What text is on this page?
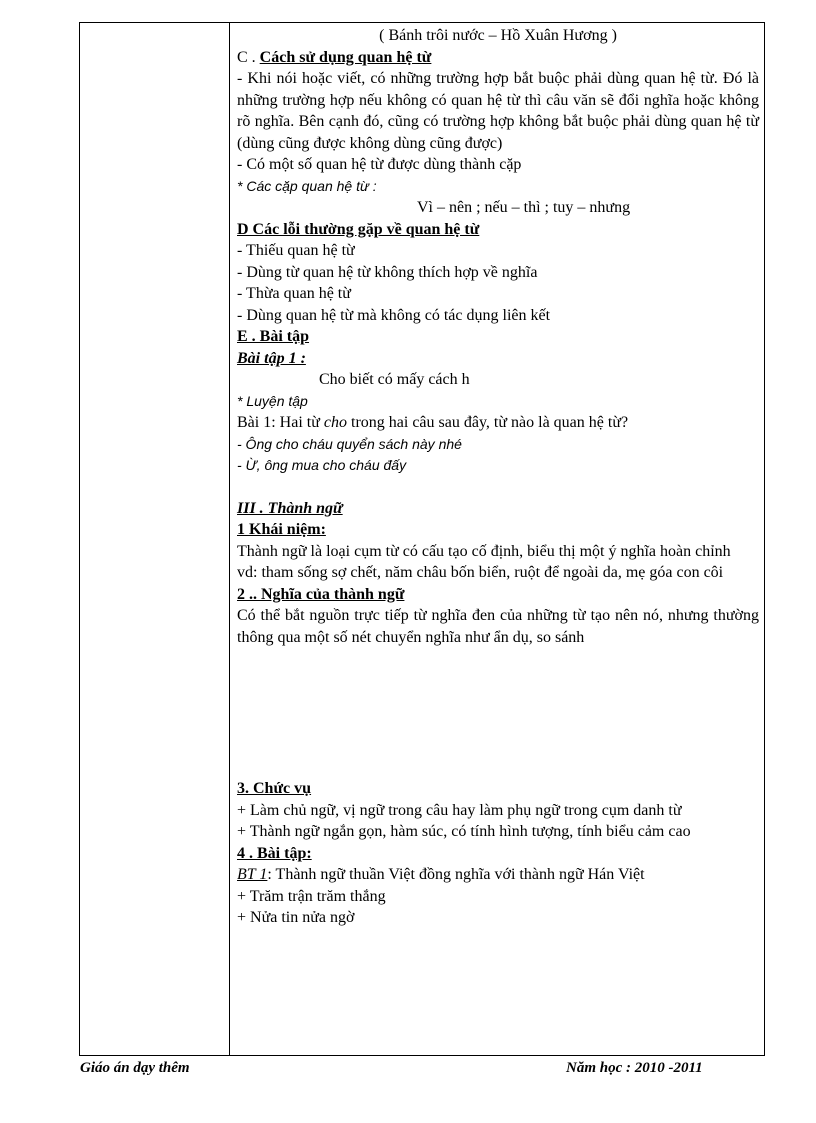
( Bánh trôi nước – Hồ Xuân Hương )

C . Cách sử dụng quan hệ từ

- Khi nói hoặc viết, có những trường hợp bắt buộc phải dùng quan hệ từ. Đó là những trường hợp nếu không có quan hệ từ thì câu văn sẽ đổi nghĩa hoặc không rõ nghĩa. Bên cạnh đó, cũng có trường hợp không bắt buộc phải dùng quan hệ từ (dùng cũng được không dùng cũng được)

- Có một số quan hệ từ được dùng thành cặp

* Các cặp quan hệ từ :

Vì – nên ; nếu – thì ; tuy – nhưng

D Các lỗi thường gặp về quan hệ từ

- Thiếu quan hệ từ

- Dùng từ quan hệ từ không thích hợp về nghĩa

- Thừa quan hệ từ

- Dùng quan hệ từ mà không có tác dụng liên kết

E . Bài tập

Bài tập 1 :

Cho biết có mấy cách h

* Luyện tập

Bài 1: Hai từ cho trong hai câu sau đây, từ nào là quan hệ từ?

- Ông cho cháu quyển sách này nhé

- Ừ, ông mua cho cháu đấy

III . Thành ngữ

1 Khái niệm:

Thành ngữ là loại cụm từ có cấu tạo cố định, biểu thị một ý nghĩa hoàn chỉnh

vd: tham sống sợ chết, năm châu bốn biển, ruột để ngoài da, mẹ góa con côi

2 .. Nghĩa của thành ngữ

Có thể bắt nguồn trực tiếp từ nghĩa đen của những từ tạo nên nó, nhưng thường thông qua một số nét chuyển nghĩa như ẩn dụ, so sánh

3. Chức vụ

+ Làm chủ ngữ, vị ngữ trong câu hay làm phụ ngữ trong cụm danh từ

+ Thành ngữ ngắn gọn, hàm súc, có tính hình tượng, tính biểu cảm cao

4 . Bài tập:

BT 1: Thành ngữ thuần Việt đồng nghĩa với thành ngữ Hán Việt

+ Trăm trận trăm thắng

+ Nửa tin nửa ngờ

Giáo án dạy thêm	Năm học : 2010 -2011
